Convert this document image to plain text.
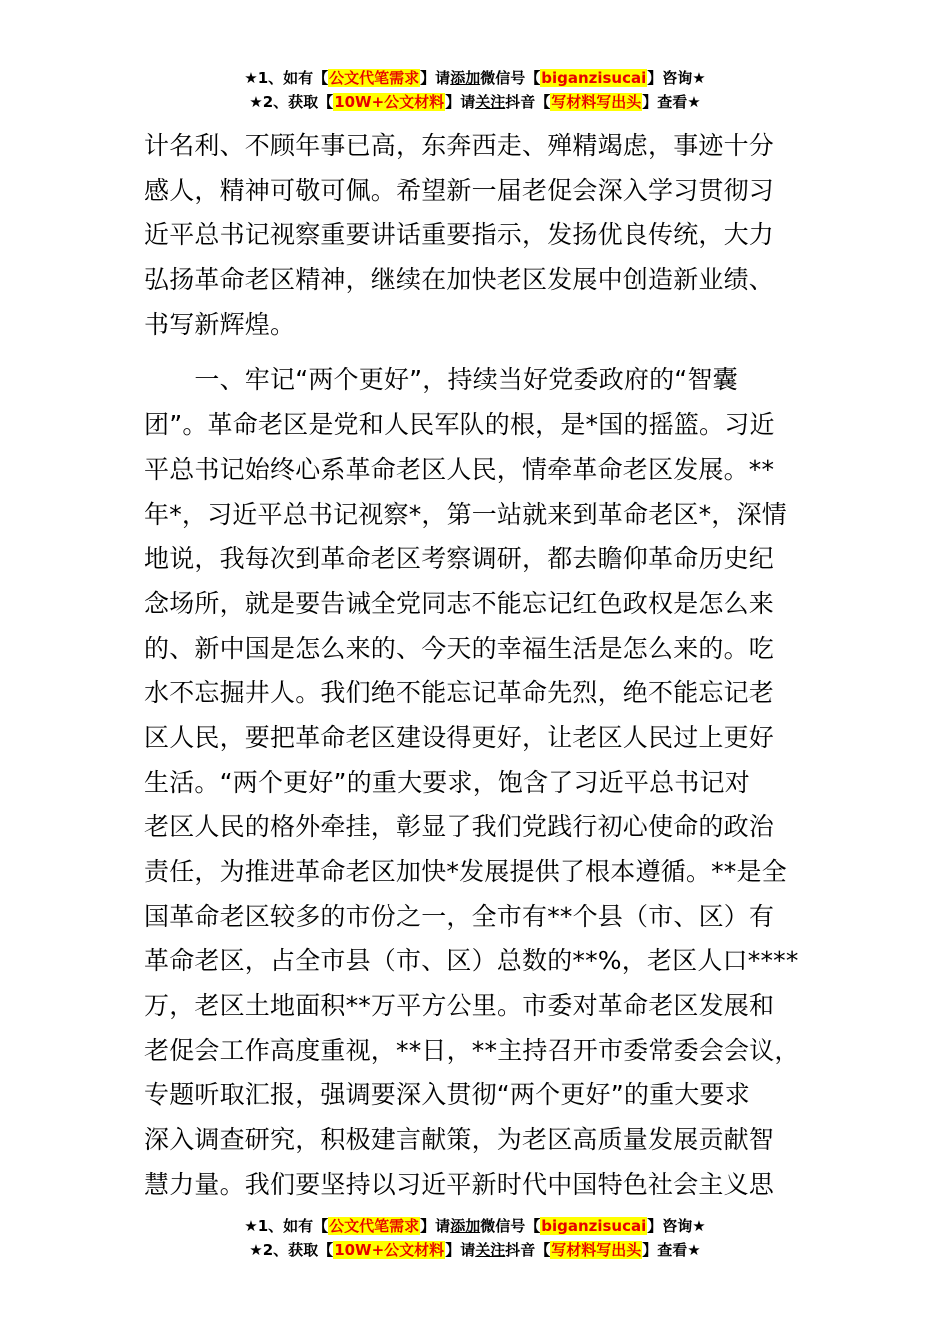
★1、如有【公文代笔需求】请添加微信号【biganzisucai】咨询★
★2、获取【10W+公文材料】请关注抖音【写材料写出头】查看★
计名利、不顾年事已高，东奔西走、殚精竭虑，事迹十分
感人，精神可敬可佩。希望新一届老促会深入学习贯彻习
近平总书记视察重要讲话重要指示，发扬优良传统，大力
弘扬革命老区精神，继续在加快老区发展中创造新业绩、
书写新辉煌。
　　一、牢记“两个更好”，持续当好党委政府的“智囊
团”。革命老区是党和人民军队的根，是*国的摇篮。习近
平总书记始终心系革命老区人民，情牵革命老区发展。**
年*，习近平总书记视察*，第一站就来到革命老区*，深情
地说，我每次到革命老区考察调研，都去瞻仰革命历史纪
念场所，就是要告诫全党同志不能忘记红色政权是怎么来
的、新中国是怎么来的、今天的幸福生活是怎么来的。吃
水不忘掘井人。我们绝不能忘记革命先烈，绝不能忘记老
区人民，要把革命老区建设得更好，让老区人民过上更好
生活。“两个更好”的重大要求，饱含了习近平总书记对
老区人民的格外牵挂，彰显了我们党践行初心使命的政治
责任，为推进革命老区加快*发展提供了根本遵循。**是全
国革命老区较多的市份之一，全市有**个县（市、区）有
革命老区，占全市县（市、区）总数的**%，老区人口****
万，老区土地面积**万平方公里。市委对革命老区发展和
老促会工作高度重视，**日，**主持召开市委常委会会议，
专题听取汇报，强调要深入贯彻“两个更好”的重大要求
深入调查研究，积极建言献策，为老区高质量发展贡献智
慧力量。我们要坚持以习近平新时代中国特色社会主义思
★1、如有【公文代笔需求】请添加微信号【biganzisucai】咨询★
★2、获取【10W+公文材料】请关注抖音【写材料写出头】查看★
